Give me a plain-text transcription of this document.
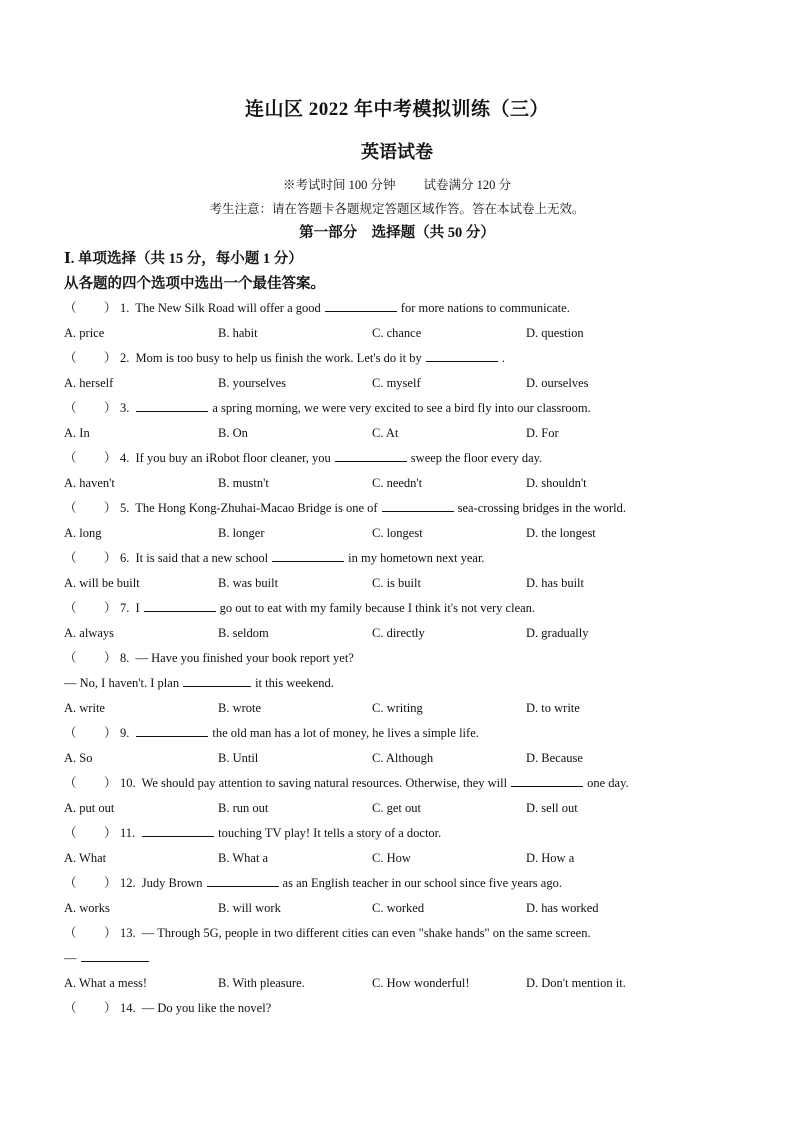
连山区 2022 年中考模拟训练（三）
英语试卷
※考试时间 100 分钟 试卷满分 120 分
考生注意：请在答题卡各题规定答题区域作答。答在本试卷上无效。
第一部分　选择题（共 50 分）
Ⅰ. 单项选择（共 15 分，每小题 1 分）
从各题的四个选项中选出一个最佳答案。
（ ） 1. The New Silk Road will offer a good	for more nations to communicate.
A. price	B. habit	C. chance	D. question
（ ） 2. Mom is too busy to help us finish the work. Let's do it by	.
A. herself	B. yourselves	C. myself	D. ourselves
（ ） 3.	a spring morning, we were very excited to see a bird fly into our classroom.
A. In	B. On	C. At	D. For
（ ） 4. If you buy an iRobot floor cleaner, you	sweep the floor every day.
A. haven't	B. mustn't	C. needn't	D. shouldn't
（ ） 5. The Hong Kong-Zhuhai-Macao Bridge is one of	sea-crossing bridges in the world.
A. long	B. longer	C. longest	D. the longest
（ ） 6. It is said that a new school	in my hometown next year.
A. will be built	B. was built	C. is built	D. has built
（ ） 7. I	go out to eat with my family because I think it's not very clean.
A. always	B. seldom	C. directly	D. gradually
（ ） 8. — Have you finished your book report yet?
— No, I haven't. I plan	it this weekend.
A. write	B. wrote	C. writing	D. to write
（ ） 9.	the old man has a lot of money, he lives a simple life.
A. So	B. Until	C. Although	D. Because
（ ） 10. We should pay attention to saving natural resources. Otherwise, they will	one day.
A. put out	B. run out	C. get out	D. sell out
（ ） 11.	touching TV play! It tells a story of a doctor.
A. What	B. What a	C. How	D. How a
（ ） 12. Judy Brown	as an English teacher in our school since five years ago.
A. works	B. will work	C. worked	D. has worked
（ ） 13. — Through 5G, people in two different cities can even "shake hands" on the same screen.
—
A. What a mess!	B. With pleasure.	C. How wonderful!	D. Don't mention it.
（ ） 14. — Do you like the novel?
